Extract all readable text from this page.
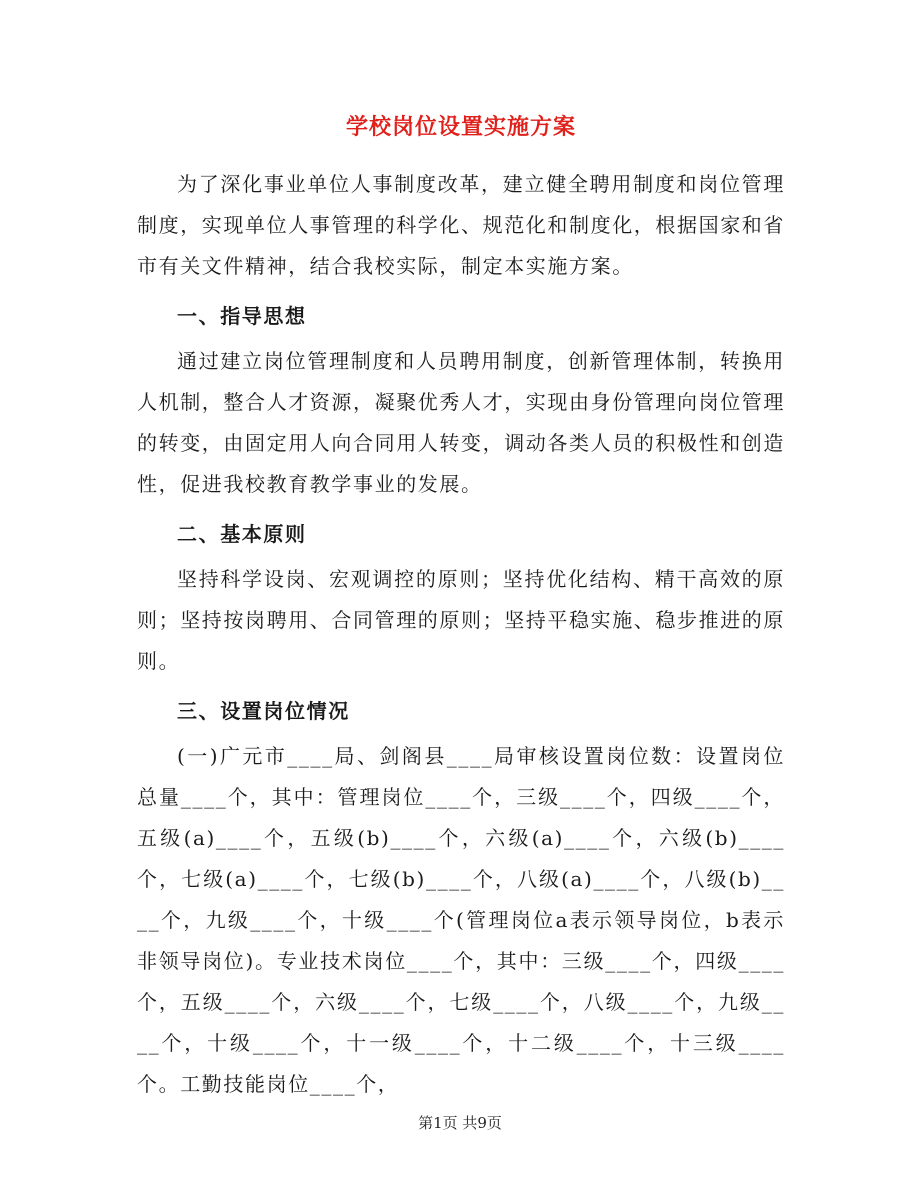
学校岗位设置实施方案

为了深化事业单位人事制度改革，建立健全聘用制度和岗位管理制度，实现单位人事管理的科学化、规范化和制度化，根据国家和省市有关文件精神，结合我校实际，制定本实施方案。

一、指导思想

通过建立岗位管理制度和人员聘用制度，创新管理体制，转换用人机制，整合人才资源，凝聚优秀人才，实现由身份管理向岗位管理的转变，由固定用人向合同用人转变，调动各类人员的积极性和创造性，促进我校教育教学事业的发展。

二、基本原则

坚持科学设岗、宏观调控的原则；坚持优化结构、精干高效的原则；坚持按岗聘用、合同管理的原则；坚持平稳实施、稳步推进的原则。

三、设置岗位情况

(一)广元市____局、剑阁县____局审核设置岗位数：设置岗位总量____个，其中：管理岗位____个，三级____个，四级____个，五级(a)____个，五级(b)____个，六级(a)____个，六级(b)____个，七级(a)____个，七级(b)____个，八级(a)____个，八级(b)____个，九级____个，十级____个(管理岗位a表示领导岗位，b表示非领导岗位)。专业技术岗位____个，其中：三级____个，四级____个，五级____个，六级____个，七级____个，八级____个，九级____个，十级____个，十一级____个，十二级____个，十三级____个。工勤技能岗位____个，

第1页 共9页
